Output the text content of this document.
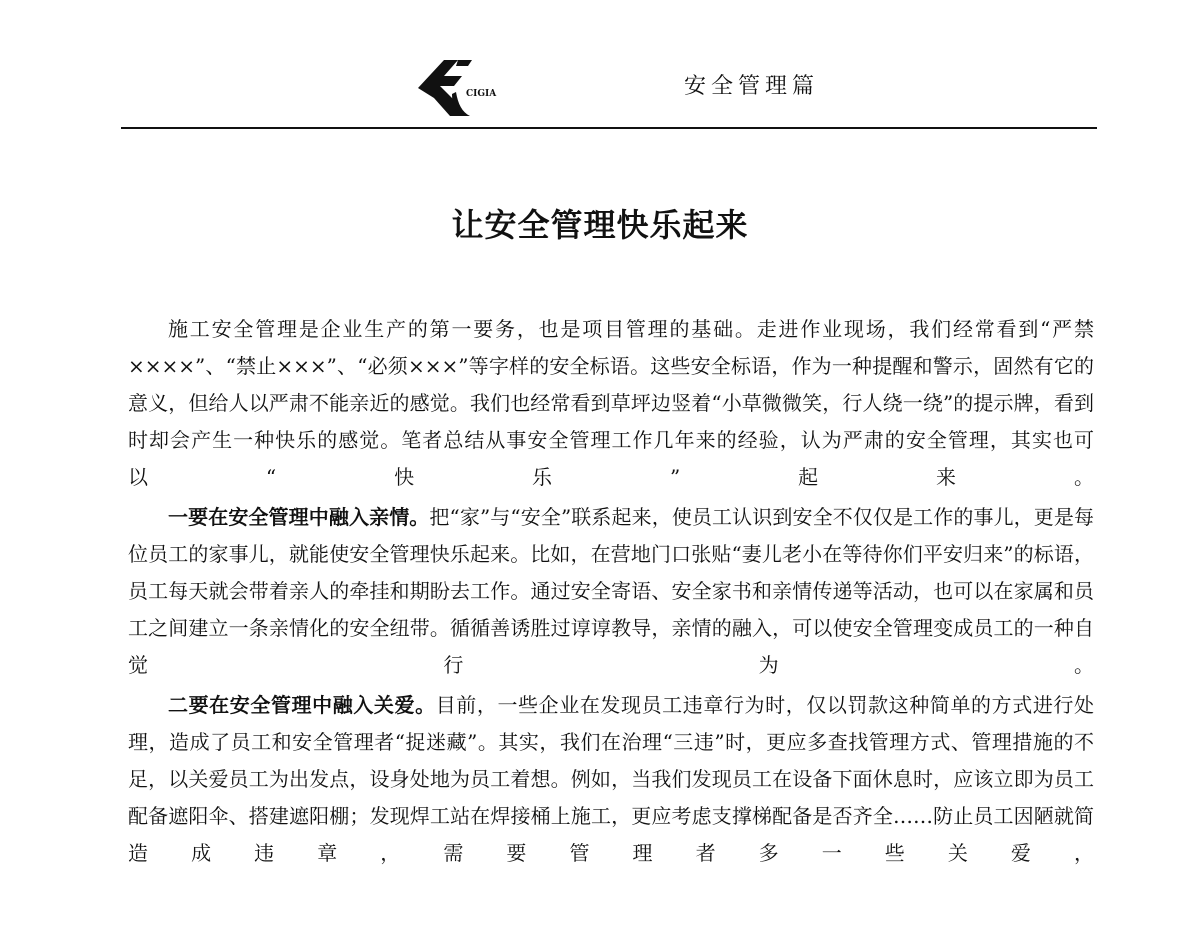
CIGIA	安全管理篇
让安全管理快乐起来

施工安全管理是企业生产的第一要务，也是项目管理的基础。走进作业现场，我们经常看到“严禁××××”、“禁止×××”、“必须×××”等字样的安全标语。这些安全标语，作为一种提醒和警示，固然有它的意义，但给人以严肃不能亲近的感觉。我们也经常看到草坪边竖着“小草微微笑，行人绕一绕”的提示牌，看到时却会产生一种快乐的感觉。笔者总结从事安全管理工作几年来的经验，认为严肃的安全管理，其实也可以“快乐”起来。

一要在安全管理中融入亲情。把“家”与“安全”联系起来，使员工认识到安全不仅仅是工作的事儿，更是每位员工的家事儿，就能使安全管理快乐起来。比如，在营地门口张贴“妻儿老小在等待你们平安归来”的标语，员工每天就会带着亲人的牵挂和期盼去工作。通过安全寄语、安全家书和亲情传递等活动，也可以在家属和员工之间建立一条亲情化的安全纽带。循循善诱胜过谆谆教导，亲情的融入，可以使安全管理变成员工的一种自觉行为。

二要在安全管理中融入关爱。目前，一些企业在发现员工违章行为时，仅以罚款这种简单的方式进行处理，造成了员工和安全管理者“捉迷藏”。其实，我们在治理“三违”时，更应多查找管理方式、管理措施的不足，以关爱员工为出发点，设身处地为员工着想。例如，当我们发现员工在设备下面休息时，应该立即为员工配备遮阳伞、搭建遮阳棚；发现焊工站在焊接桶上施工，更应考虑支撑梯配备是否齐全……防止员工因陋就简造成违章，需要管理者多一些关爱，
